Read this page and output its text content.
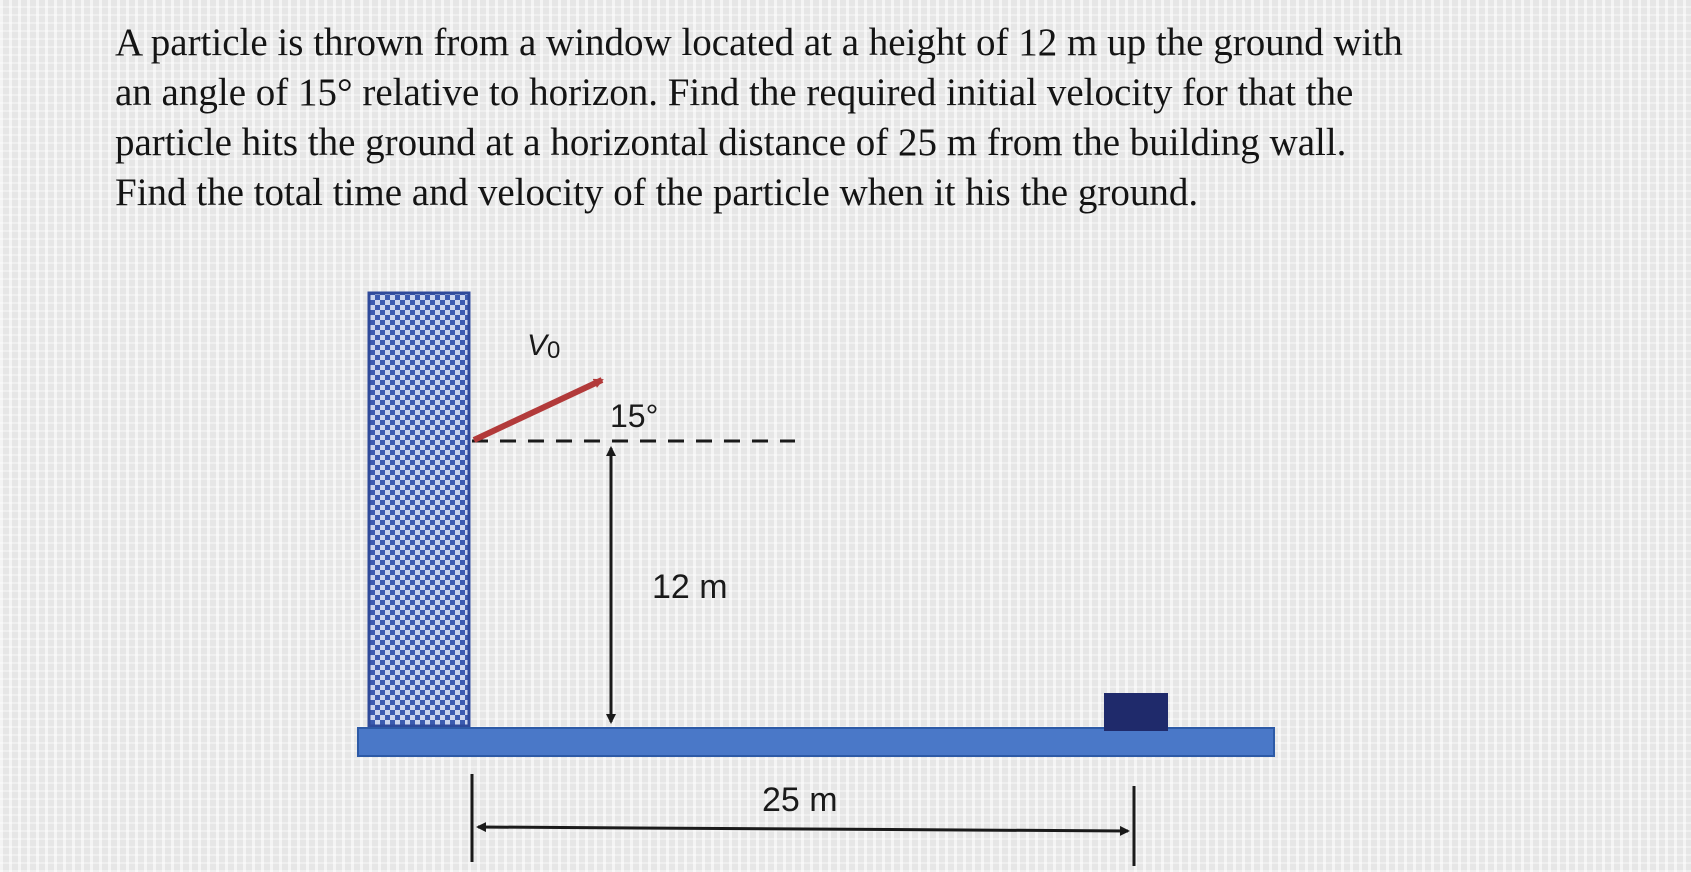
A particle is thrown from a window located at a height of 12 m up the ground with
an angle of 15° relative to horizon. Find the required initial velocity for that the
particle hits the ground at a horizontal distance of 25 m from the building wall.
Find the total time and velocity of the particle when it his the ground.
V0
15°
12 m
25 m
